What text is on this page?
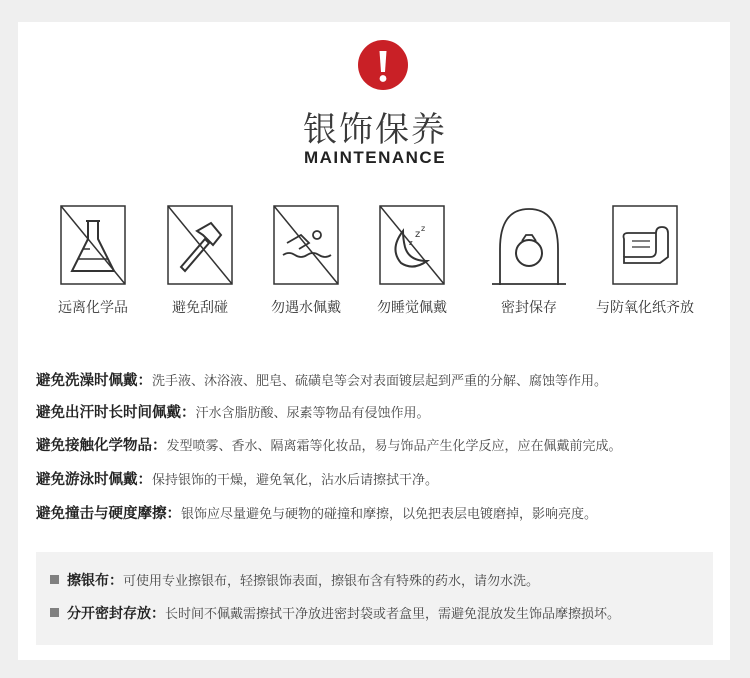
银饰保养
MAINTENANCE
远离化学品	避免刮碰	勿遇水佩戴
z
z
z
勿睡觉佩戴	密封保存	与防氧化纸齐放
避免洗澡时佩戴：洗手液、沐浴液、肥皂、硫磺皂等会对表面镀层起到严重的分解、腐蚀等作用。
避免出汗时长时间佩戴：汗水含脂肪酸、尿素等物品有侵蚀作用。
避免接触化学物品：发型喷雾、香水、隔离霜等化妆品，易与饰品产生化学反应，应在佩戴前完成。
避免游泳时佩戴：保持银饰的干燥，避免氧化，沾水后请擦拭干净。
避免撞击与硬度摩擦：银饰应尽量避免与硬物的碰撞和摩擦，以免把表层电镀磨掉，影响亮度。
擦银布：可使用专业擦银布，轻擦银饰表面，擦银布含有特殊的药水，请勿水洗。
分开密封存放：长时间不佩戴需擦拭干净放进密封袋或者盒里，需避免混放发生饰品摩擦损坏。
